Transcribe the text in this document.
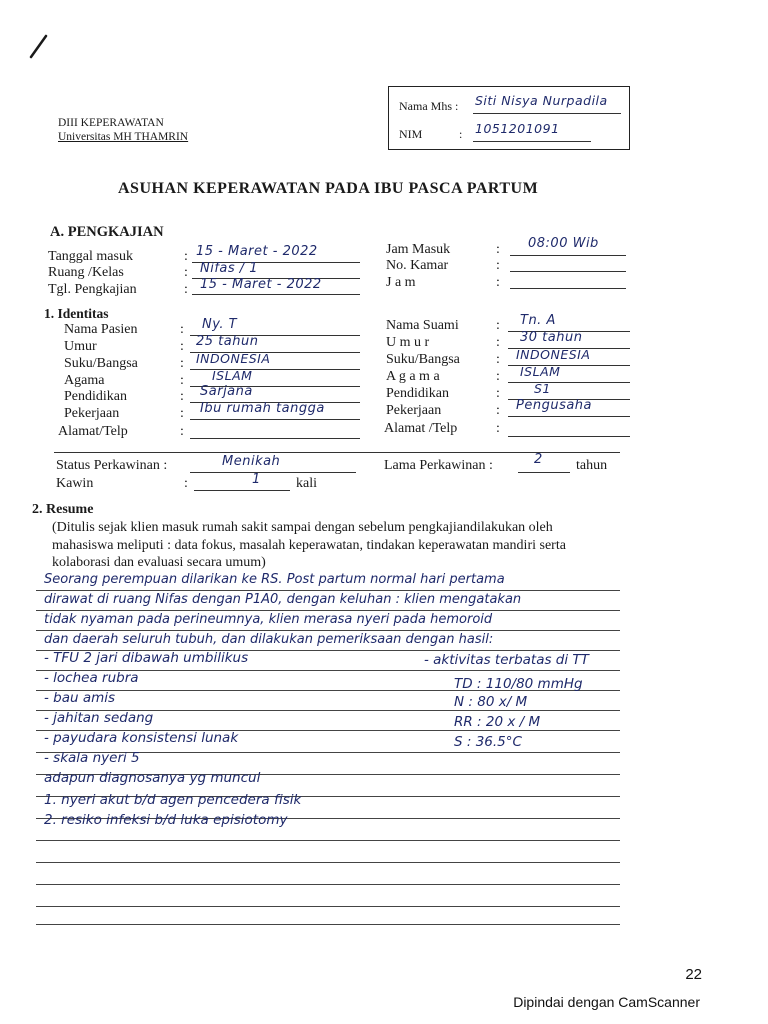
DIII KEPERAWATAN
Universitas MH THAMRIN
Nama Mhs : Siti Nisya Nurpadila
NIM	: 1051201091
ASUHAN KEPERAWATAN PADA IBU PASCA PARTUM
A. PENGKAJIAN
Tanggal masuk	: 15 - Maret - 2022
Ruang /Kelas	: Nifas / 1
Tgl. Pengkajian	: 15 - Maret - 2022
Jam Masuk	: 08:00 Wib
No. Kamar	:
J a m	:
1. Identitas
Nama Pasien	: Ny. T
Umur	: 25 tahun
Suku/Bangsa	: INDONESIA
Agama	: ISLAM
Pendidikan	: Sarjana
Pekerjaan	: Ibu rumah tangga
Alamat/Telp	:
Nama Suami	: Tn. A
U m u r	: 30 tahun
Suku/Bangsa	: INDONESIA
A g a m a	: ISLAM
Pendidikan	:	S1
Pekerjaan	: Pengusaha
Alamat /Telp	:
Status Perkawinan :	Menikah	Lama Perkawinan :	2 tahun
Kawin	:	1	kali
2. Resume
(Ditulis sejak klien masuk rumah sakit sampai dengan sebelum pengkajiandilakukan oleh
mahasiswa meliputi : data fokus, masalah keperawatan, tindakan keperawatan mandiri serta
kolaborasi dan evaluasi secara umum)
Seorang perempuan dilarikan ke RS. Post partum normal hari pertama
dirawat di ruang Nifas dengan P1A0, dengan keluhan : klien mengatakan
tidak nyaman pada perineumnya, klien merasa nyeri pada hemoroid
dan daerah seluruh tubuh, dan dilakukan pemeriksaan dengan hasil:
- TFU 2 jari dibawah umbilikus
- lochea rubra
- bau amis
- jahitan sedang
- payudara konsistensi lunak
- skala nyeri 5
adapun diagnosanya yg muncul
1. nyeri akut b/d agen pencedera fisik
2. resiko infeksi b/d luka episiotomy
- aktivitas terbatas di TT
TD : 110/80 mmHg
N : 80 x/ M
RR : 20 x / M
S : 36.5°C
22
Dipindai dengan CamScanner
